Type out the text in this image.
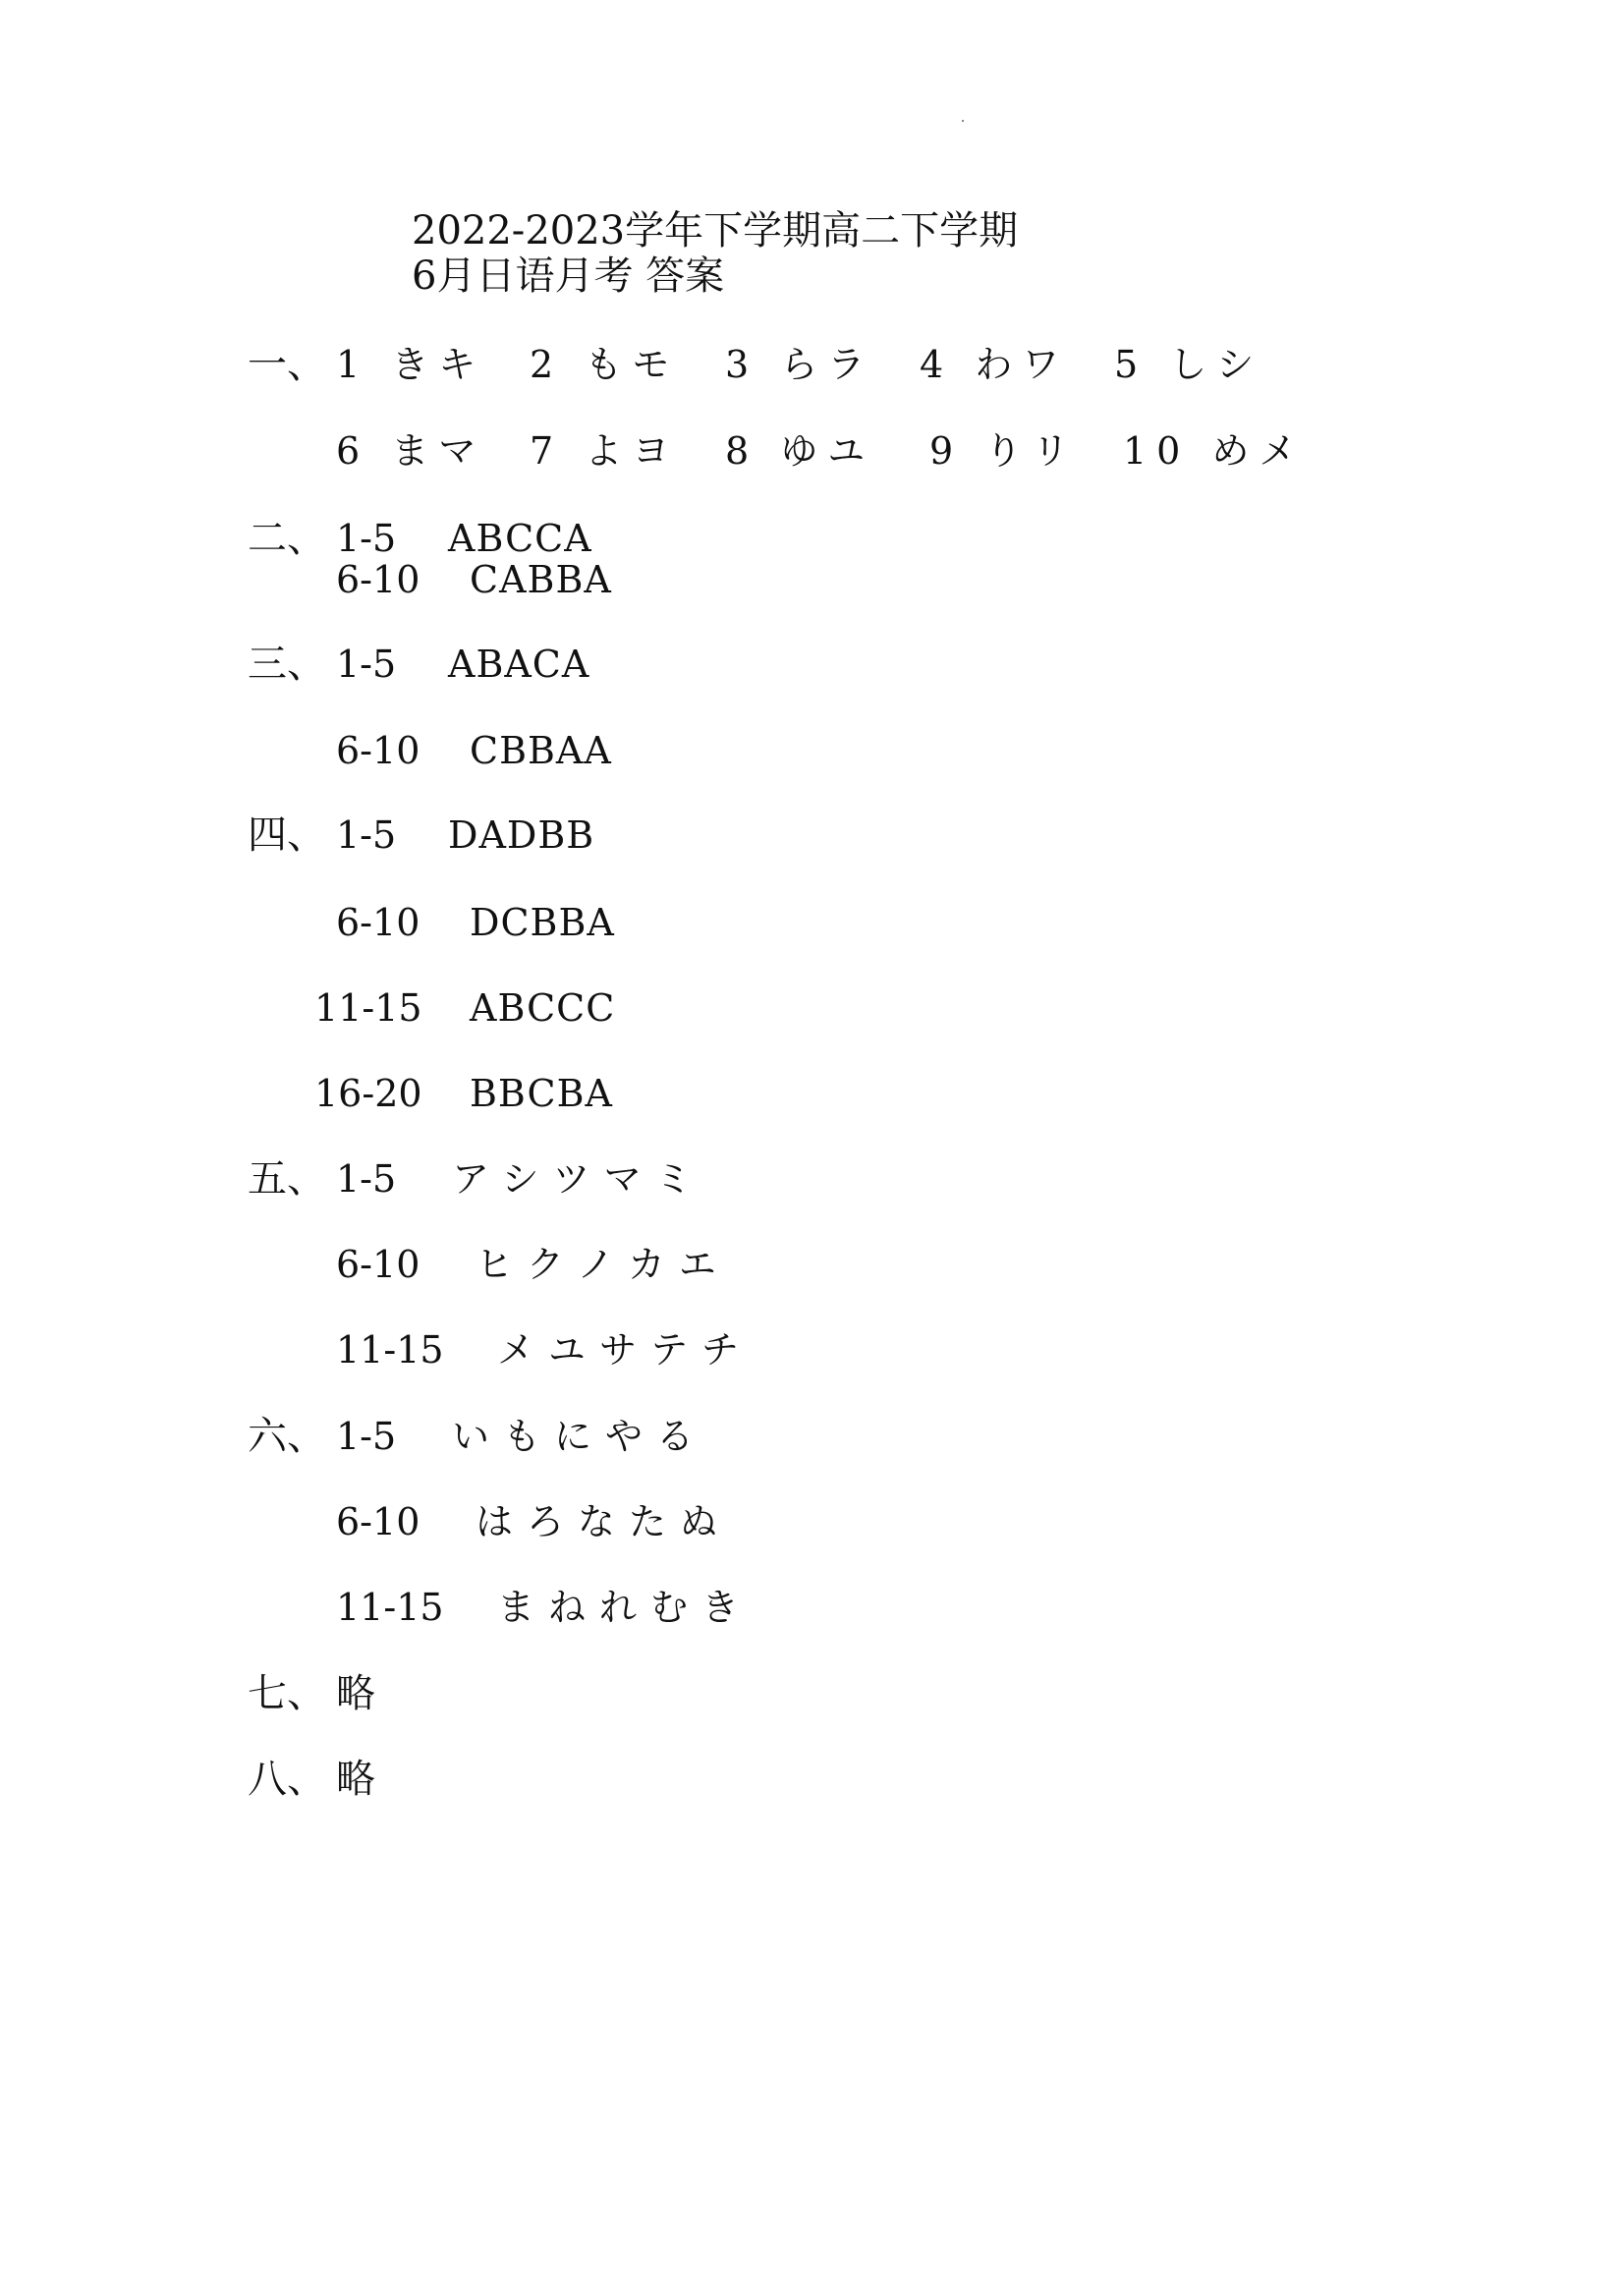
2022-2023学年下学期高二下学期
6月日语月考 答案
一、 1 きキ 2 もモ 3 らラ 4 わワ 5 しシ
6 まマ 7 よヨ 8 ゆユ 9 りリ 10 めメ
二、 1-5 ABCCA
6-10 CABBA
三、 1-5 ABACA
6-10 CBBAA
四、 1-5 DADBB
6-10 DCBBA
11-15 ABCCC
16-20 BBCBA
五、 1-5 アシツマミ
6-10 ヒクノカエ
11-15 メユサテチ
六、 1-5 いもにやる
6-10 はろなたぬ
11-15 まねれむき
七、 略
八、 略
